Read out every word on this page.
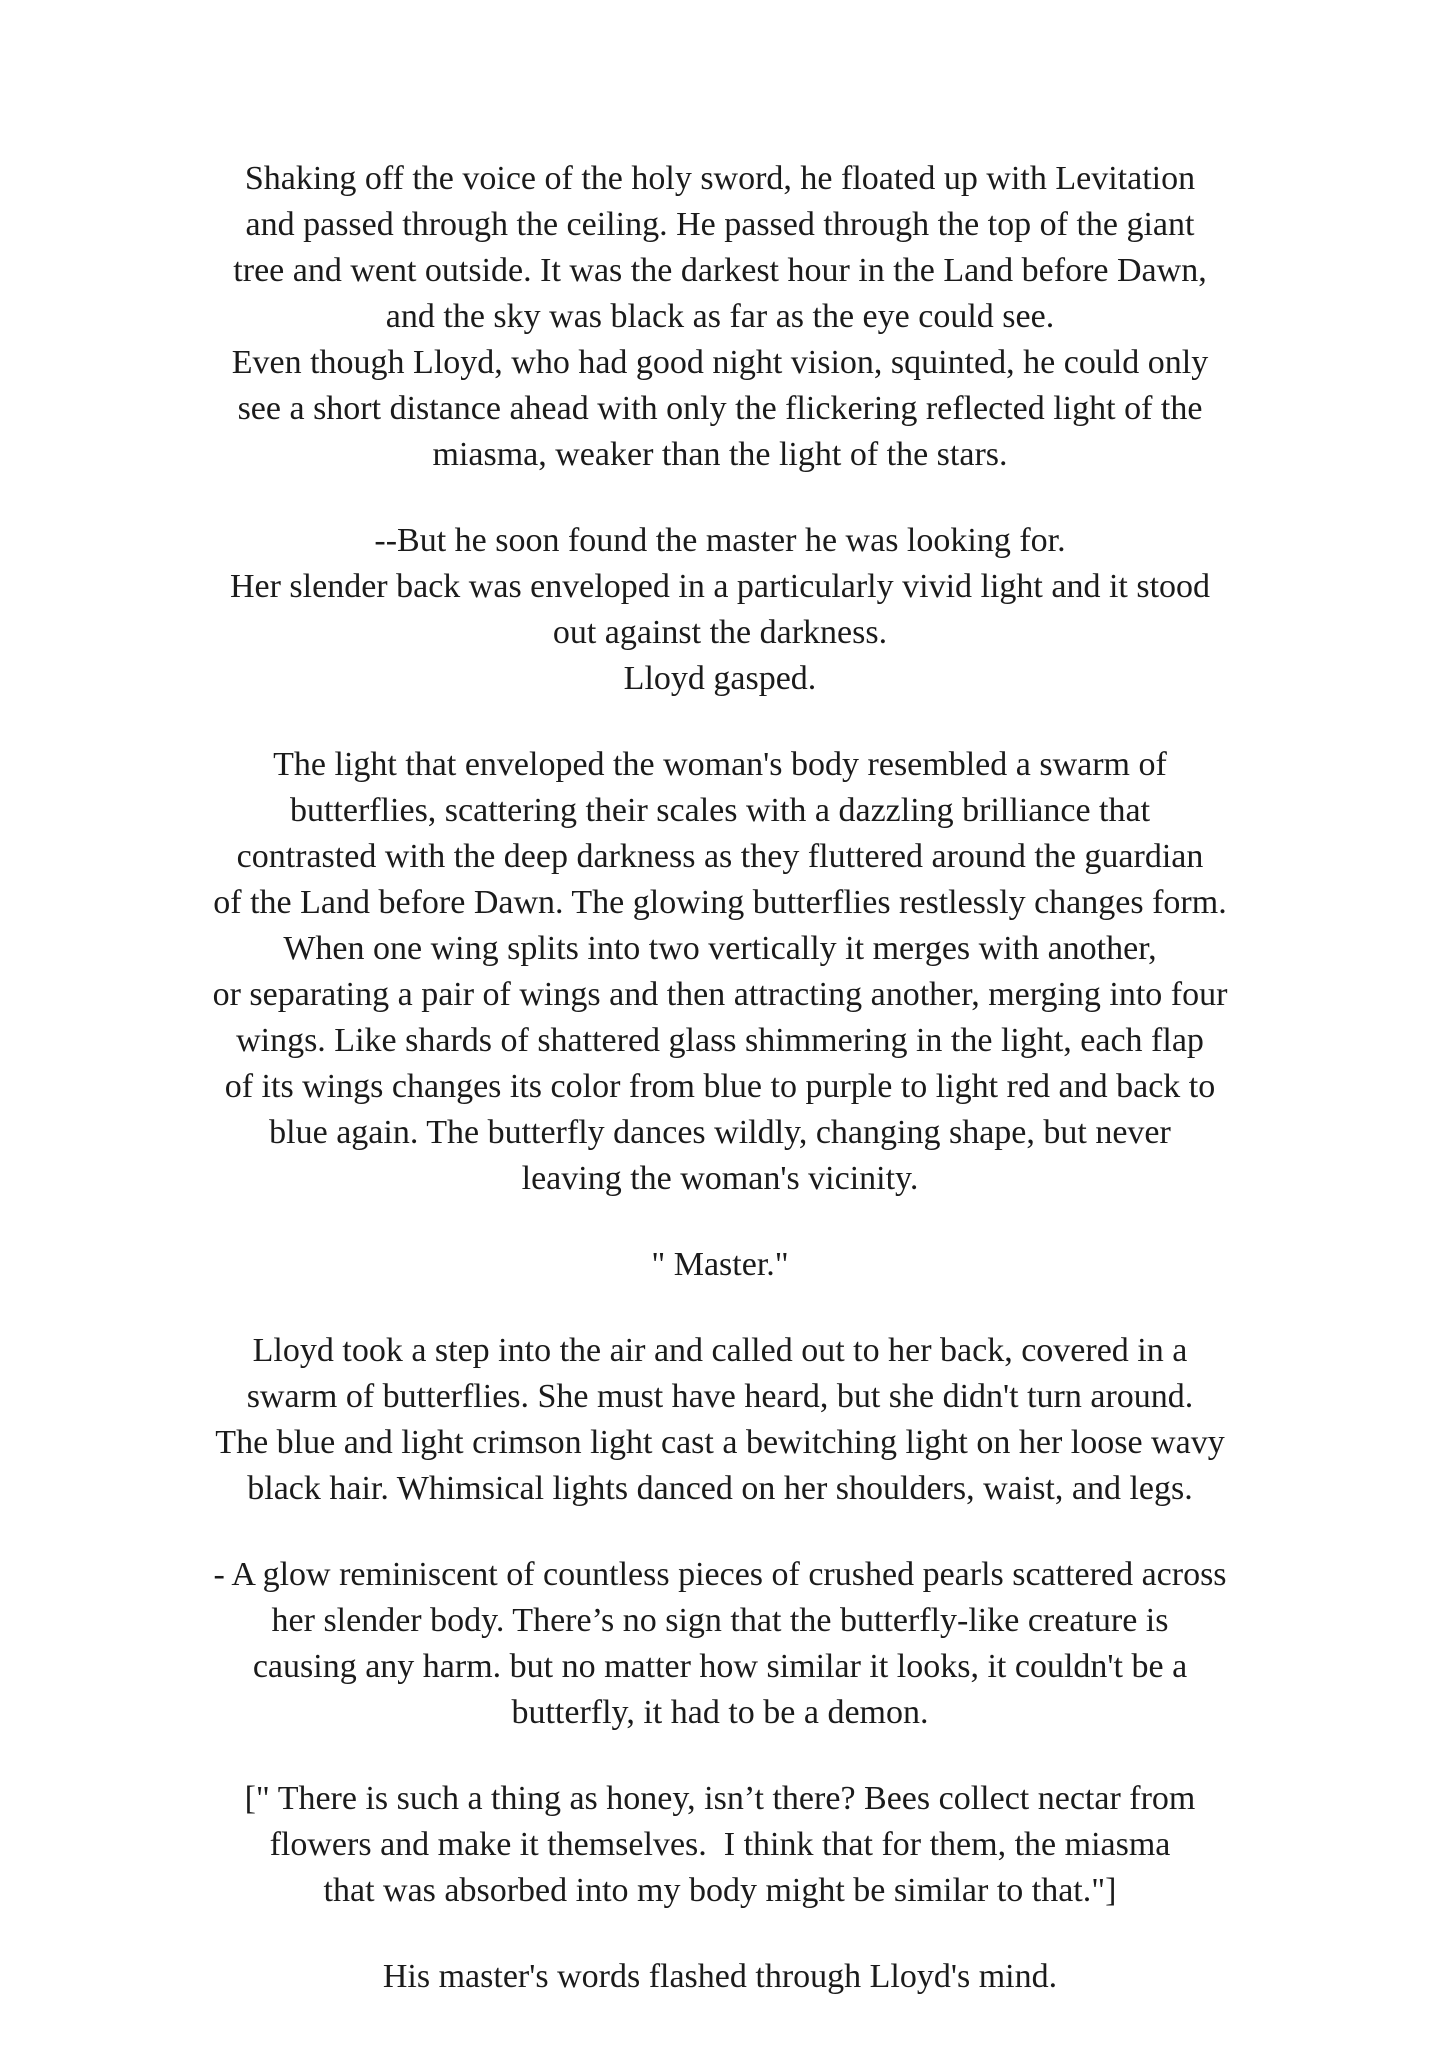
Shaking off the voice of the holy sword, he floated up with Levitation
and passed through the ceiling. He passed through the top of the giant
tree and went outside. It was the darkest hour in the Land before Dawn,
and the sky was black as far as the eye could see.
Even though Lloyd, who had good night vision, squinted, he could only
see a short distance ahead with only the flickering reflected light of the
miasma, weaker than the light of the stars.

--But he soon found the master he was looking for.
Her slender back was enveloped in a particularly vivid light and it stood
out against the darkness.
Lloyd gasped.

The light that enveloped the woman's body resembled a swarm of
butterflies, scattering their scales with a dazzling brilliance that
contrasted with the deep darkness as they fluttered around the guardian
of the Land before Dawn. The glowing butterflies restlessly changes form.
When one wing splits into two vertically it merges with another,
or separating a pair of wings and then attracting another, merging into four
wings. Like shards of shattered glass shimmering in the light, each flap
of its wings changes its color from blue to purple to light red and back to
blue again. The butterfly dances wildly, changing shape, but never
leaving the woman's vicinity.

" Master."

Lloyd took a step into the air and called out to her back, covered in a
swarm of butterflies. She must have heard, but she didn't turn around.
The blue and light crimson light cast a bewitching light on her loose wavy
black hair. Whimsical lights danced on her shoulders, waist, and legs.

- A glow reminiscent of countless pieces of crushed pearls scattered across
her slender body. There’s no sign that the butterfly-like creature is
causing any harm. but no matter how similar it looks, it couldn't be a
butterfly, it had to be a demon.

[" There is such a thing as honey, isn’t there? Bees collect nectar from
flowers and make it themselves.  I think that for them, the miasma
that was absorbed into my body might be similar to that."]

His master's words flashed through Lloyd's mind.
